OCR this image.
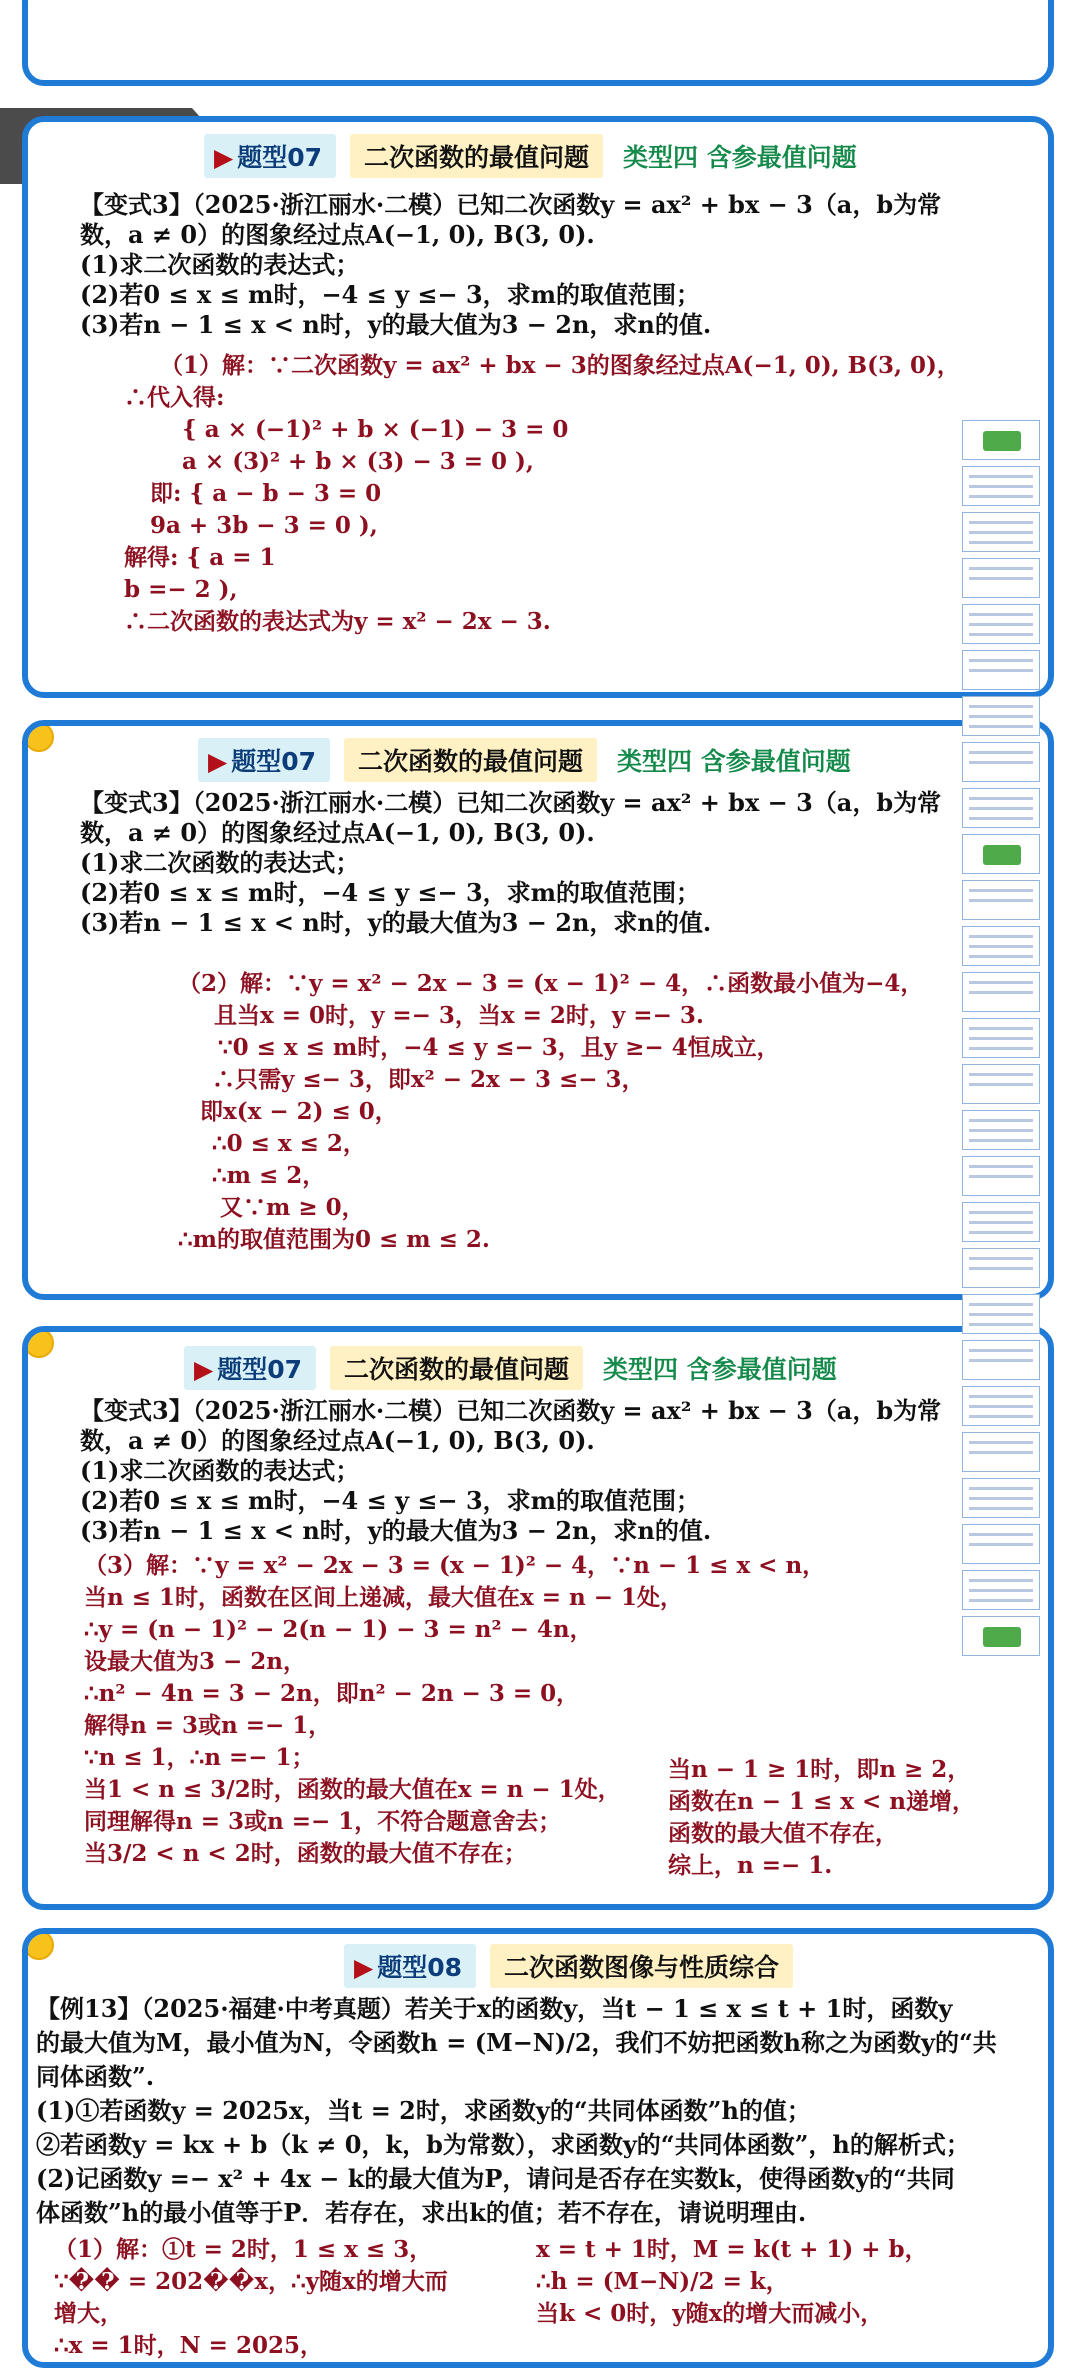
▶ 题型07	二次函数的最值问题	类型四 含参最值问题
【变式3】（2025·浙江丽水·二模）已知二次函数y = ax² + bx − 3（a，b为常
数，a ≠ 0）的图象经过点A(−1, 0), B(3, 0).
(1)求二次函数的表达式；
(2)若0 ≤ x ≤ m时，−4 ≤ y ≤− 3，求m的取值范围；
(3)若n − 1 ≤ x < n时，y的最大值为3 − 2n，求n的值.
（1）解：∵二次函数y = ax² + bx − 3的图象经过点A(−1, 0), B(3, 0)，
∴代入得:
{ a × (−1)² + b × (−1) − 3 = 0
a × (3)² + b × (3) − 3 = 0 ),
即: { a − b − 3 = 0
9a + 3b − 3 = 0 ),
解得: { a = 1
b =− 2 ),
∴二次函数的表达式为y = x² − 2x − 3.
▶ 题型07	二次函数的最值问题	类型四 含参最值问题
【变式3】（2025·浙江丽水·二模）已知二次函数y = ax² + bx − 3（a，b为常
数，a ≠ 0）的图象经过点A(−1, 0), B(3, 0).
(1)求二次函数的表达式；
(2)若0 ≤ x ≤ m时，−4 ≤ y ≤− 3，求m的取值范围；
(3)若n − 1 ≤ x < n时，y的最大值为3 − 2n，求n的值.
（2）解：∵y = x² − 2x − 3 = (x − 1)² − 4，∴函数最小值为−4，
且当x = 0时，y =− 3，当x = 2时，y =− 3.
∵0 ≤ x ≤ m时，−4 ≤ y ≤− 3，且y ≥− 4恒成立，
∴只需y ≤− 3，即x² − 2x − 3 ≤− 3，
即x(x − 2) ≤ 0，
∴0 ≤ x ≤ 2，
∴m ≤ 2，
又∵m ≥ 0，
∴m的取值范围为0 ≤ m ≤ 2.
▶ 题型07	二次函数的最值问题	类型四 含参最值问题
【变式3】（2025·浙江丽水·二模）已知二次函数y = ax² + bx − 3（a，b为常
数，a ≠ 0）的图象经过点A(−1, 0), B(3, 0).
(1)求二次函数的表达式；
(2)若0 ≤ x ≤ m时，−4 ≤ y ≤− 3，求m的取值范围；
(3)若n − 1 ≤ x < n时，y的最大值为3 − 2n，求n的值.
（3）解：∵y = x² − 2x − 3 = (x − 1)² − 4，∵n − 1 ≤ x < n，
当n ≤ 1时，函数在区间上递减，最大值在x = n − 1处，
∴y = (n − 1)² − 2(n − 1) − 3 = n² − 4n，
设最大值为3 − 2n，
∴n² − 4n = 3 − 2n，即n² − 2n − 3 = 0，
解得n = 3或n =− 1，
∵n ≤ 1，∴n =− 1；
当1 < n ≤ 3/2时，函数的最大值在x = n − 1处，
同理解得n = 3或n =− 1，不符合题意舍去；
当3/2 < n < 2时，函数的最大值不存在；
当n − 1 ≥ 1时，即n ≥ 2，
函数在n − 1 ≤ x < n递增，
函数的最大值不存在，
综上，n =− 1.
▶ 题型08	二次函数图像与性质综合
【例13】（2025·福建·中考真题）若关于x的函数y，当t − 1 ≤ x ≤ t + 1时，函数y
的最大值为M，最小值为N，令函数h = (M−N)/2，我们不妨把函数h称之为函数y的“共
同体函数”.
(1)①若函数y = 2025x，当t = 2时，求函数y的“共同体函数”h的值；
②若函数y = kx + b（k ≠ 0，k，b为常数），求函数y的“共同体函数”，h的解析式；
(2)记函数y =− x² + 4x − k的最大值为P，请问是否存在实数k，使得函数y的“共同
体函数”h的最小值等于P．若存在，求出k的值；若不存在，请说明理由.
（1）解：①t = 2时，1 ≤ x ≤ 3，
∵�� = 202��x，∴y随x的增大而
增大，
∴x = 1时，N = 2025，
x = t + 1时，M = k(t + 1) + b，
∴h = (M−N)/2 = k，
当k < 0时，y随x的增大而减小，
